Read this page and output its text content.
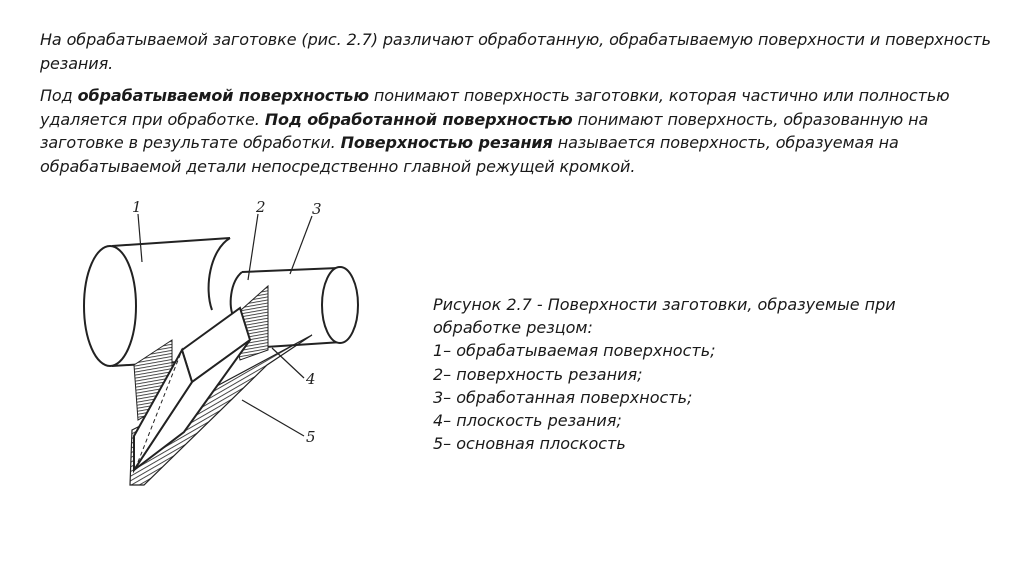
На обрабатываемой заготовке (рис. 2.7) различают обработанную, обрабатываемую поверхности и поверхность резания.
Под обрабатываемой поверхностью понимают поверхность заготовки, которая частично или полностью удаляется при обработке. Под обработанной поверхностью понимают поверхность, образованную на заготовке в результате обработки. Поверхностью резания называется поверхность, образуемая на обрабатываемой детали непосредственно главной режущей кромкой.
1	2	3
4
5
Рисунок 2.7 - Поверхности заготовки, образуемые при
обработке резцом:
1– обрабатываемая поверхность;
2– поверхность резания;
3– обработанная поверхность;
4– плоскость резания;
5– основная плоскость
